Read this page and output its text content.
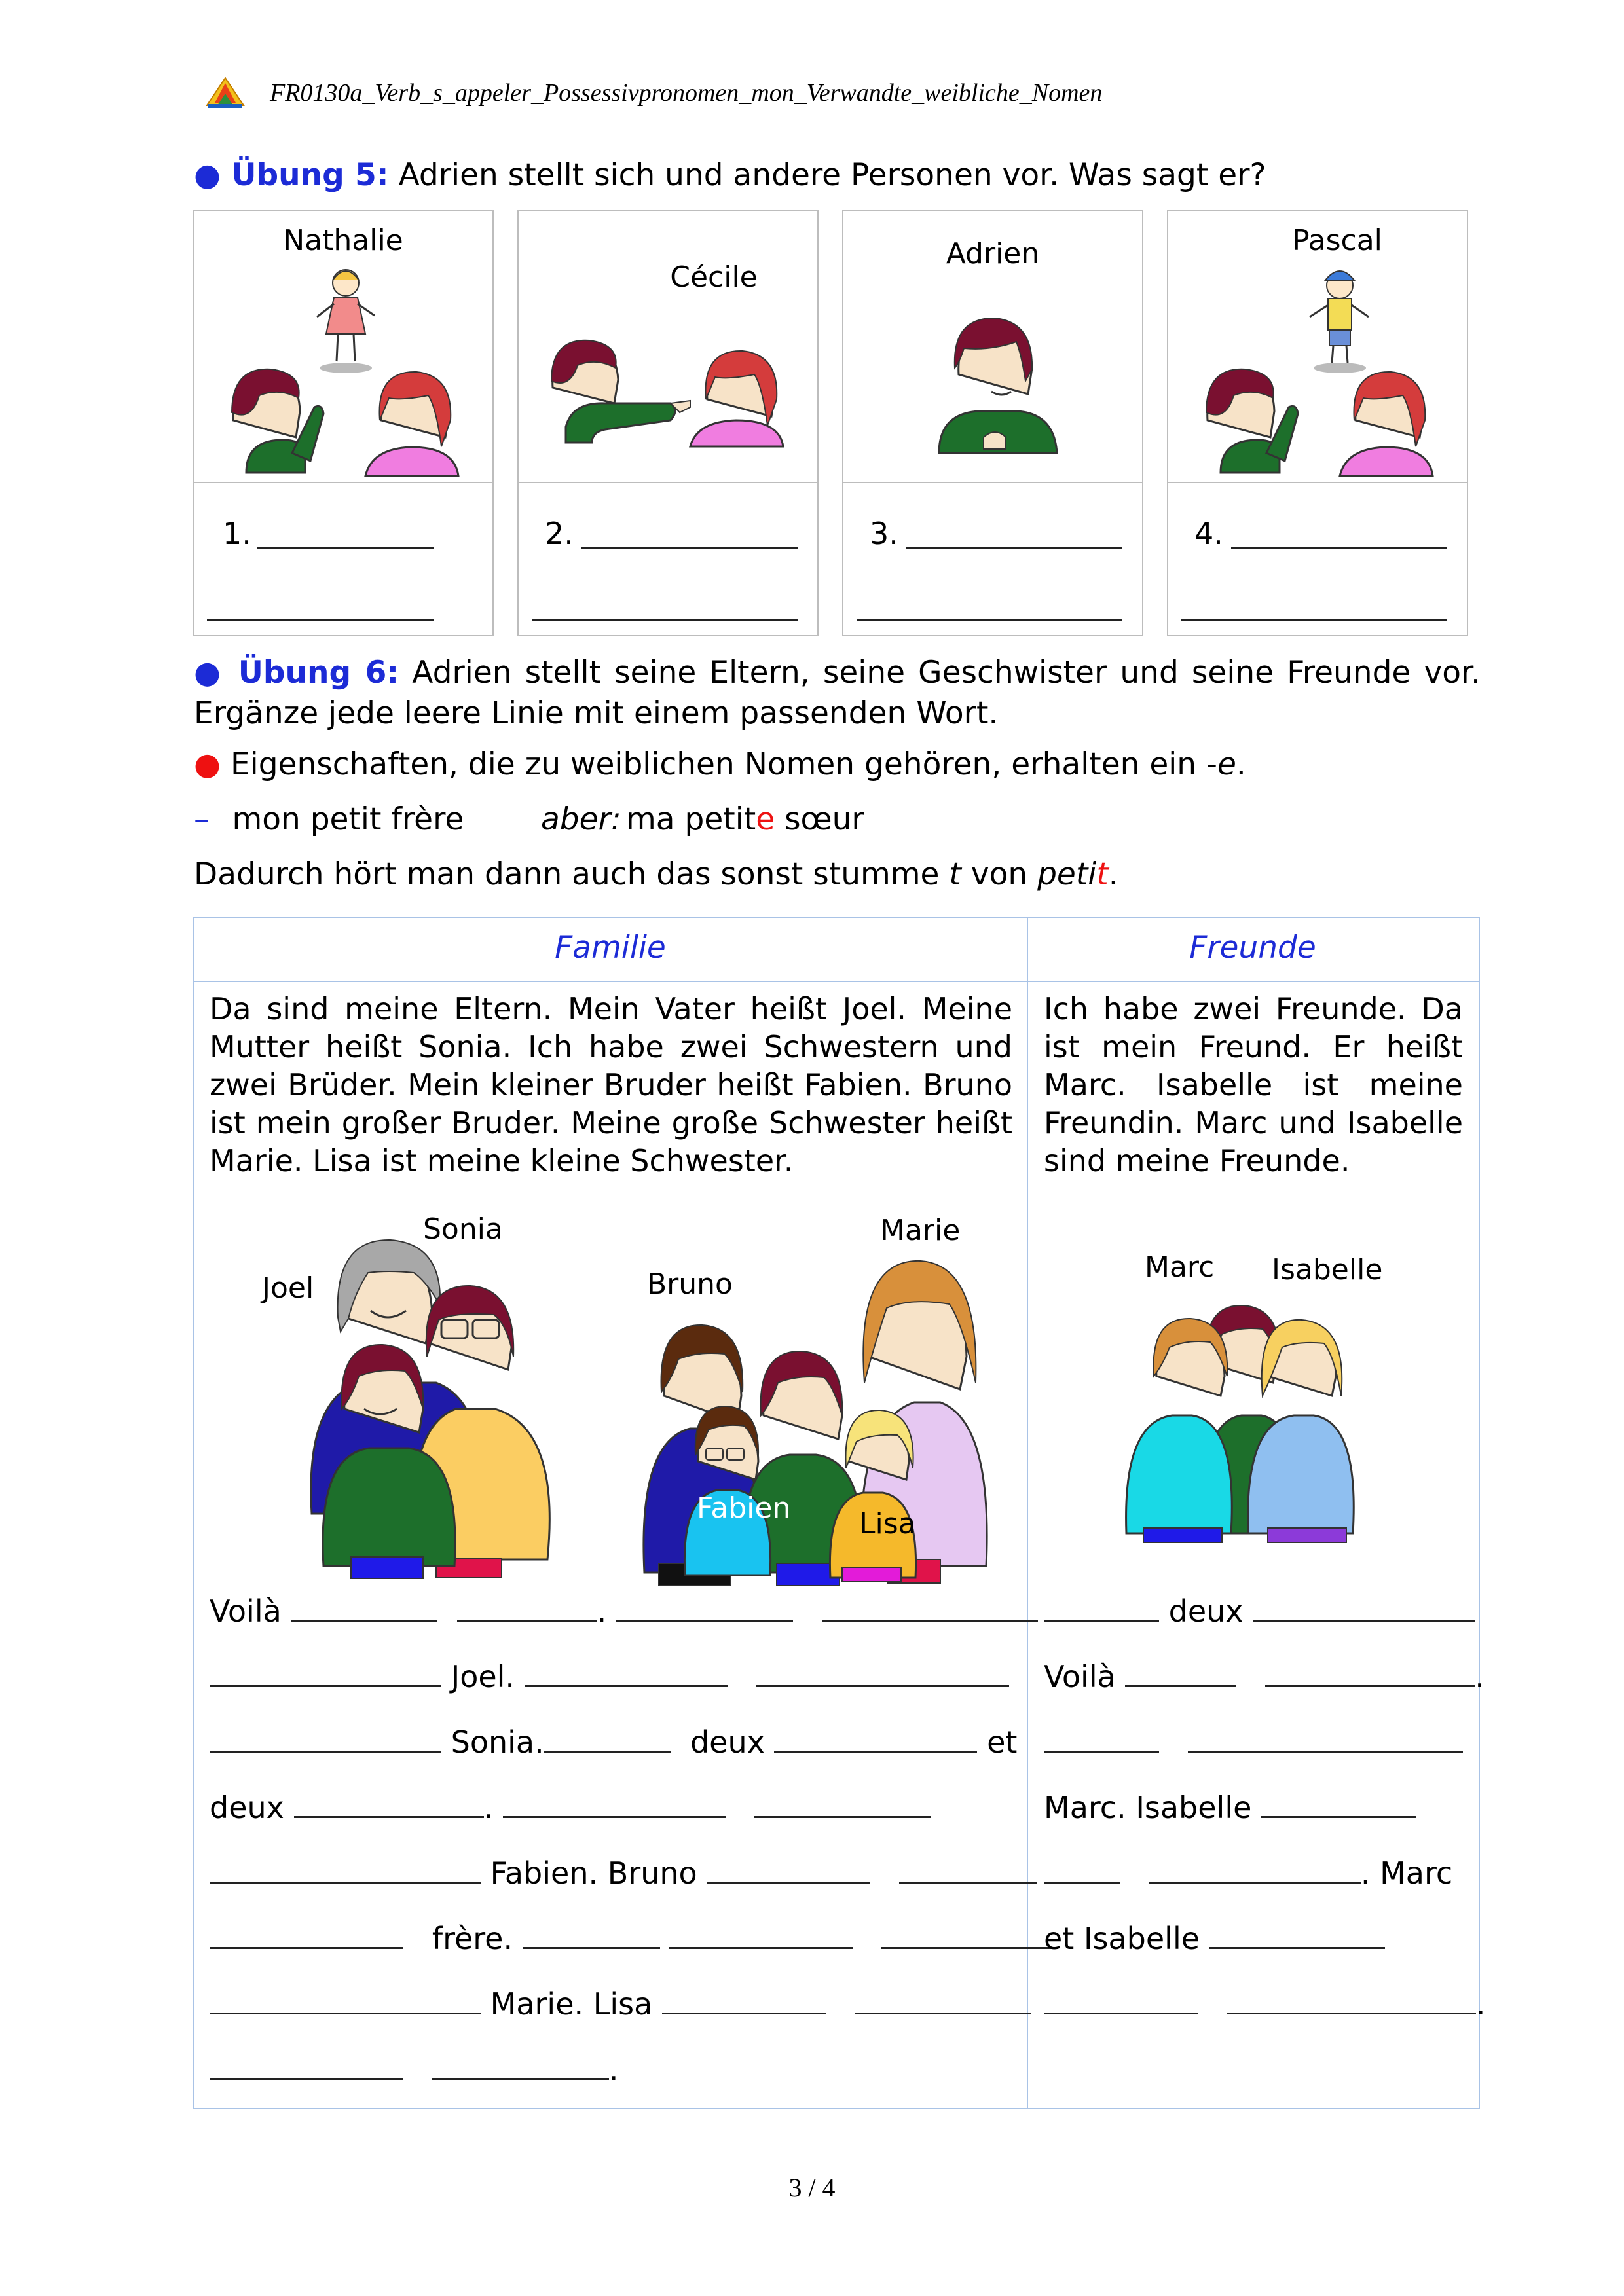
FR0130a_Verb_s_appeler_Possessivpronomen_mon_Verwandte_weibliche_Nomen
● Übung 5: Adrien stellt sich und andere Personen vor. Was sagt er?
Nathalie
1.
Cécile
2.
Adrien
3.
Pascal
4.
● Übung 6: Adrien stellt seine Eltern, seine Geschwister und seine Freunde vor.
Ergänze jede leere Linie mit einem passenden Wort.
● Eigenschaften, die zu weiblichen Nomen gehören, erhalten ein -e.
– mon petit frère	aber: ma petite sœur
Dadurch hört man dann auch das sonst stumme t von petit.
Familie	Freunde
Da sind meine Eltern. Mein Vater heißt Joel. Meine Mutter heißt Sonia. Ich habe zwei Schwestern und zwei Brüder. Mein kleiner Bruder heißt Fabien. Bruno ist mein großer Bruder. Meine große Schwester heißt Marie. Lisa ist meine kleine Schwester.
Ich habe zwei Freunde. Da ist mein Freund. Er heißt Marc. Isabelle ist meine Freundin. Marc und Isabelle sind meine Freunde.
Sonia
Joel
Marie
Bruno
Fabien Lisa
Marc Isabelle
Voilà	.
Joel.
Sonia.	deux	et
deux	.
Fabien. Bruno
frère.
Marie. Lisa
.
deux
Voilà	.

Marc. Isabelle
. Marc
et Isabelle
.
3 / 4
